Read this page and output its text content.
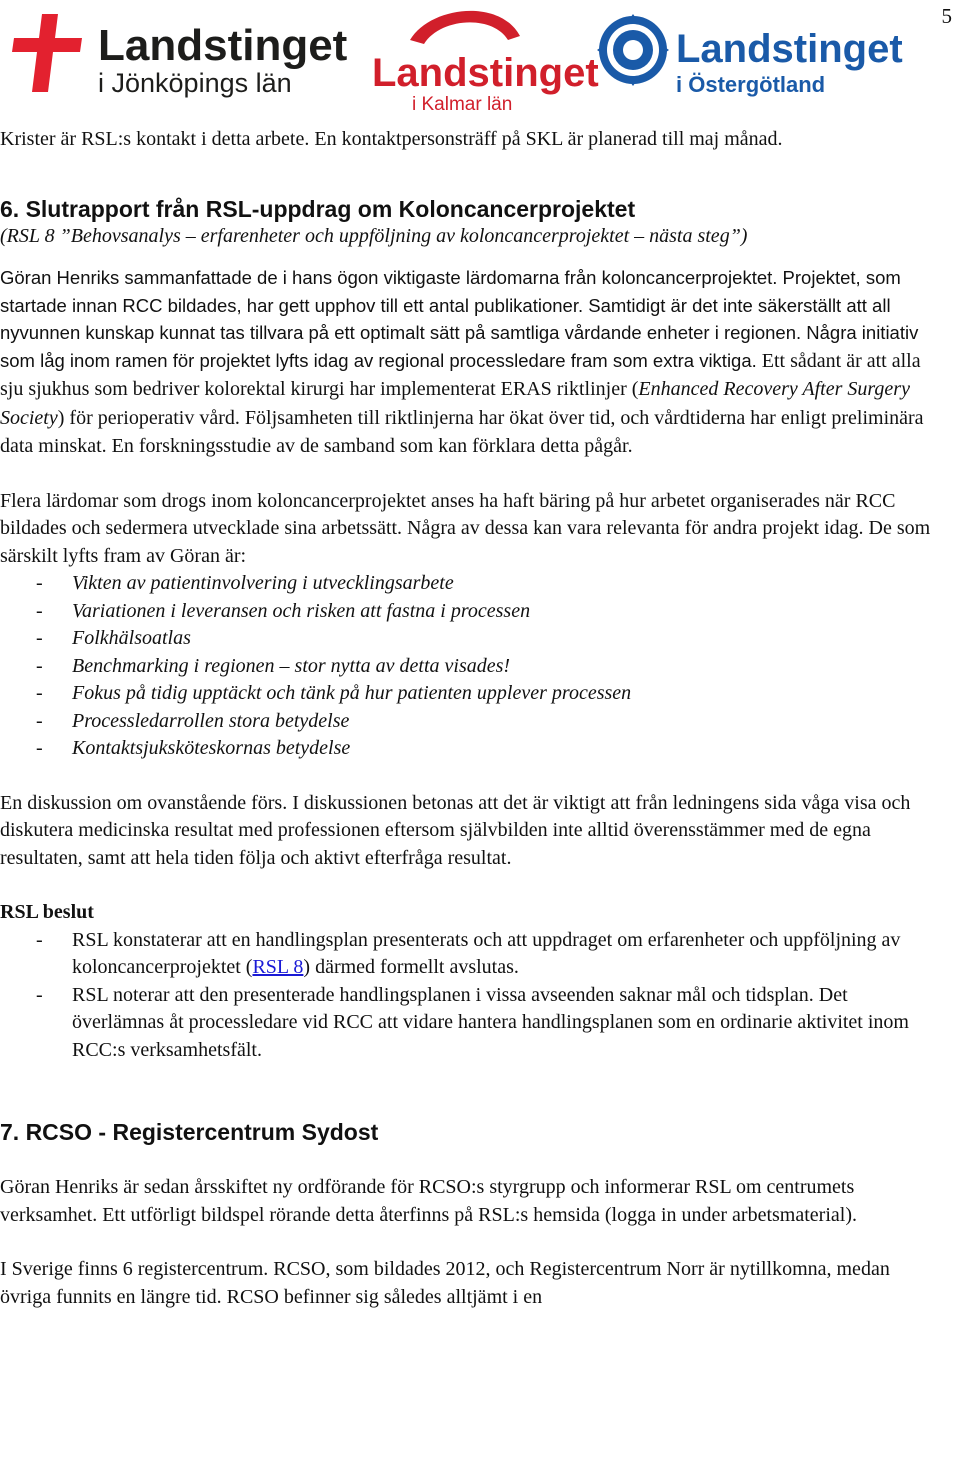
5
Landstinget
i Jönköpings län Landstinget
i Kalmar län
Landstinget
i Östergötland

Krister är RSL:s kontakt i detta arbete. En kontaktpersonsträff på SKL är planerad till maj månad.

6. Slutrapport från RSL-uppdrag om Koloncancerprojektet

(RSL 8 ”Behovsanalys – erfarenheter och uppföljning av koloncancerprojektet – nästa steg”)

Göran Henriks sammanfattade de i hans ögon viktigaste lärdomarna från koloncancerprojektet. Projektet, som startade innan RCC bildades, har gett upphov till ett antal publikationer. Samtidigt är det inte säkerställt att all nyvunnen kunskap kunnat tas tillvara på ett optimalt sätt på samtliga vårdande enheter i regionen. Några initiativ som låg inom ramen för projektet lyfts idag av regional processledare fram som extra viktiga. Ett sådant är att alla sju sjukhus som bedriver kolorektal kirurgi har implementerat ERAS riktlinjer (Enhanced Recovery After Surgery Society) för perioperativ vård. Följsamheten till riktlinjerna har ökat över tid, och vårdtiderna har enligt preliminära data minskat. En forskningsstudie av de samband som kan förklara detta pågår.

Flera lärdomar som drogs inom koloncancerprojektet anses ha haft bäring på hur arbetet organiserades när RCC bildades och sedermera utvecklade sina arbetssätt. Några av dessa kan vara relevanta för andra projekt idag. De som särskilt lyfts fram av Göran är:

- Vikten av patientinvolvering i utvecklingsarbete
- Variationen i leveransen och risken att fastna i processen
- Folkhälsoatlas
- Benchmarking i regionen – stor nytta av detta visades!
- Fokus på tidig upptäckt och tänk på hur patienten upplever processen
- Processledarrollen stora betydelse
- Kontaktsjuksköteskornas betydelse

En diskussion om ovanstående förs. I diskussionen betonas att det är viktigt att från ledningens sida våga visa och diskutera medicinska resultat med professionen eftersom självbilden inte alltid överensstämmer med de egna resultaten, samt att hela tiden följa och aktivt efterfråga resultat.

RSL beslut

- RSL konstaterar att en handlingsplan presenterats och att uppdraget om erfarenheter och uppföljning av koloncancerprojektet (RSL 8) därmed formellt avslutas.
- RSL noterar att den presenterade handlingsplanen i vissa avseenden saknar mål och tidsplan. Det överlämnas åt processledare vid RCC att vidare hantera handlingsplanen som en ordinarie aktivitet inom RCC:s verksamhetsfält.
7. RCSO - Registercentrum Sydost

Göran Henriks är sedan årsskiftet ny ordförande för RCSO:s styrgrupp och informerar RSL om centrumets verksamhet. Ett utförligt bildspel rörande detta återfinns på RSL:s hemsida (logga in under arbetsmaterial).

I Sverige finns 6 registercentrum. RCSO, som bildades 2012, och Registercentrum Norr är nytillkomna, medan övriga funnits en längre tid. RCSO befinner sig således alltjämt i en
